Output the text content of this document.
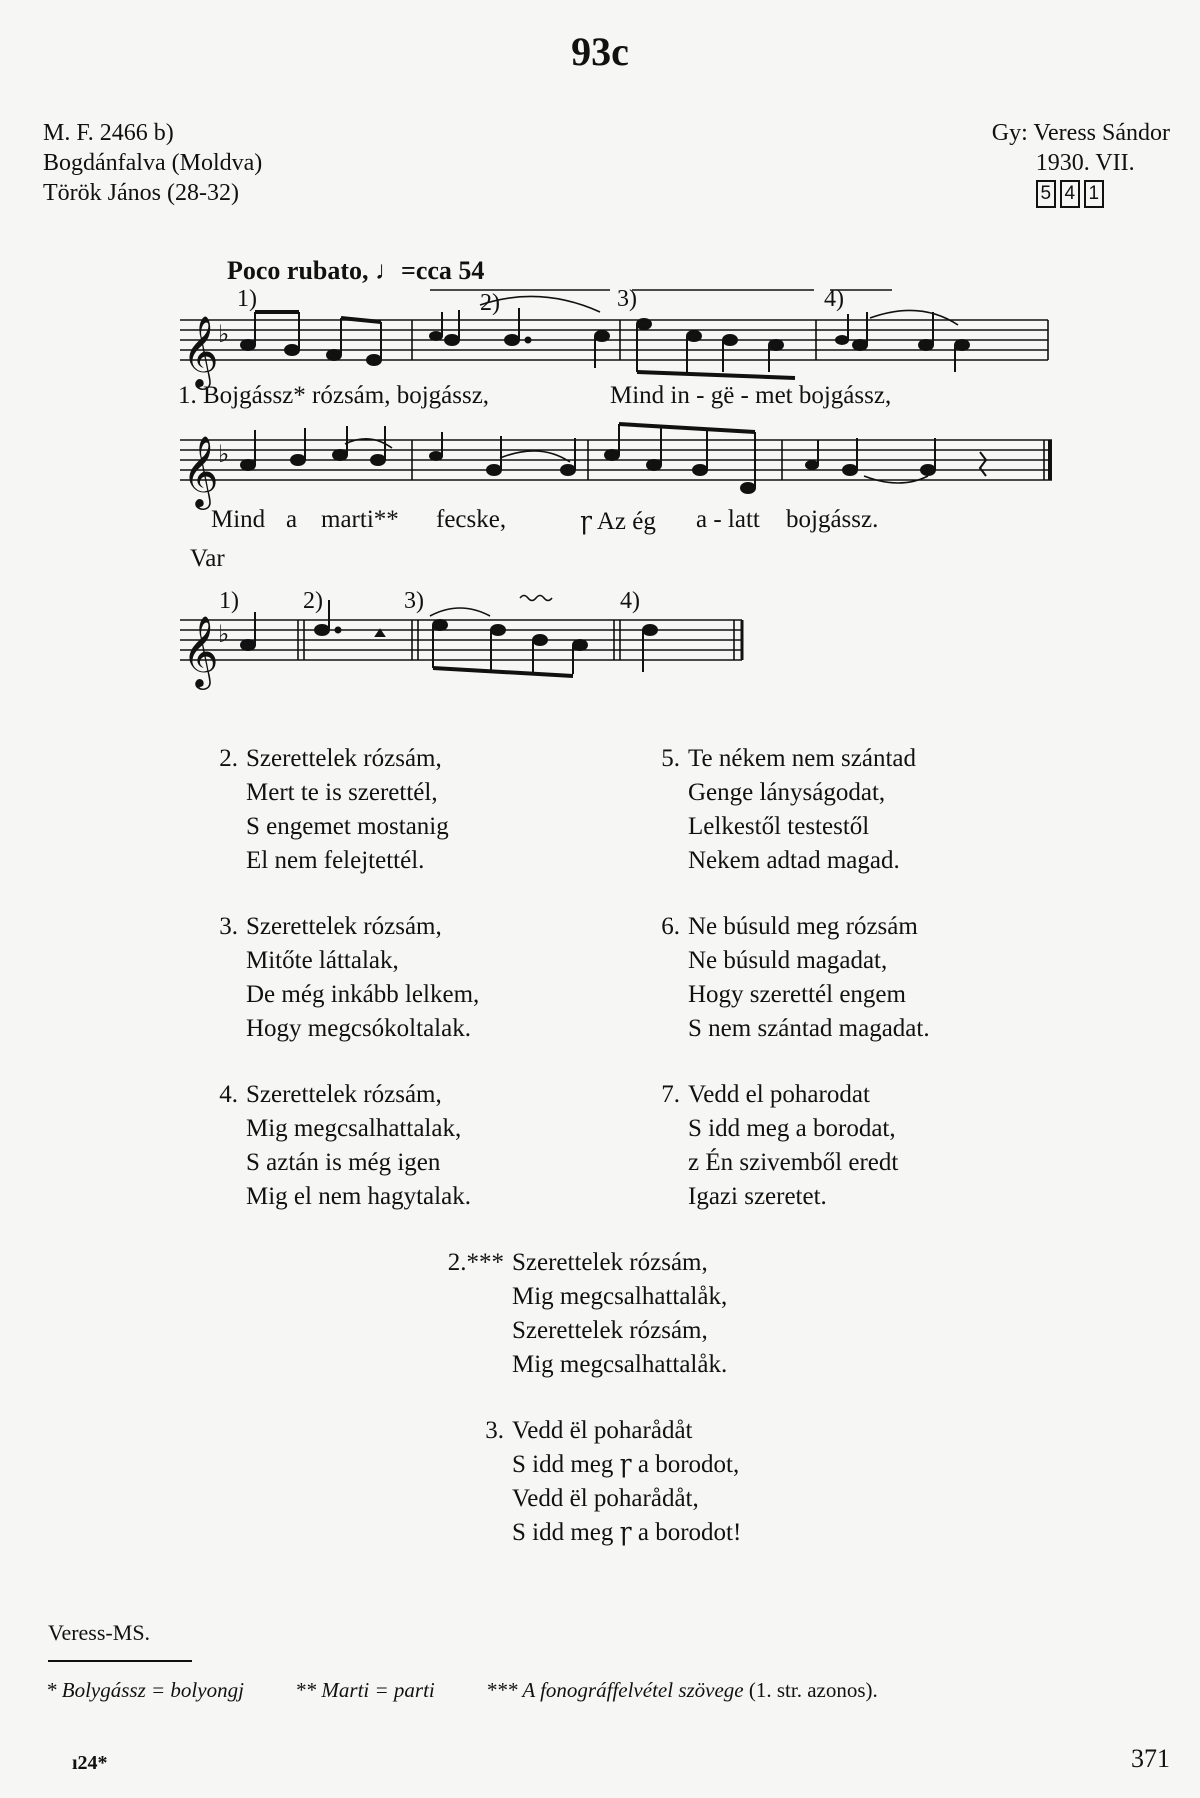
93c
M. F. 2466 b)
Bogdánfalva (Moldva)
Török János (28-32)
Gy: Veress Sándor
1930. VII.
5 4 1
Poco rubato, ♩=cca 54
𝄞
𝄞
𝄞
♭
♭
♭
1)	2)	3)	4)
1)	2)	3)	4)
1. Bojgássz* rózsám, bojgássz,	Mind in - gë - met bojgássz,
Mind a marti** fecske,	ꞅ Az ég a - latt bojgássz.
Var
2. Szerettelek rózsám,
Mert te is szerettél,
S engemet mostanig
El nem felejtettél.
3. Szerettelek rózsám,
Mitőte láttalak,
De még inkább lelkem,
Hogy megcsókoltalak.
4. Szerettelek rózsám,
Mig megcsalhattalak,
S aztán is még igen
Mig el nem hagytalak.
5. Te nékem nem szántad
Genge lányságodat,
Lelkestől testestől
Nekem adtad magad.
6. Ne búsuld meg rózsám
Ne búsuld magadat,
Hogy szerettél engem
S nem szántad magadat.
7. Vedd el poharodat
S idd meg a borodat,
z Én szivemből eredt
Igazi szeretet.
2.*** Szerettelek rózsám,
Mig megcsalhattalåk,
Szerettelek rózsám,
Mig megcsalhattalåk.
3. Vedd ël poharådåt
S idd meg ꞅ a borodot,
Vedd ël poharådåt,
S idd meg ꞅ a borodot!
Veress-MS.
* Bolygássz = bolyongj ** Marti = parti *** A fonográffelvétel szövege (1. str. azonos).
ı24*	371
